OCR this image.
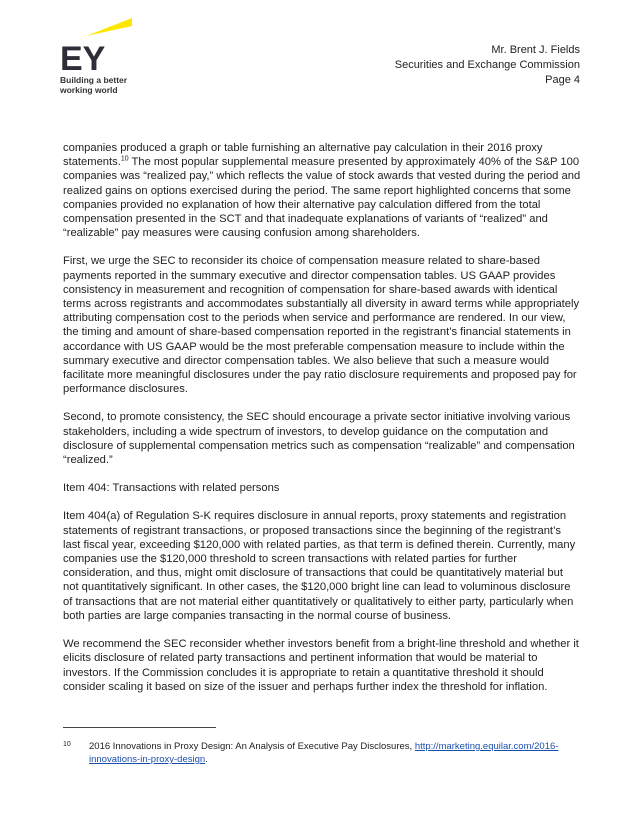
EY
Building a better
working world
Mr. Brent J. Fields
Securities and Exchange Commission
Page 4

companies produced a graph or table furnishing an alternative pay calculation in their 2016 proxy statements.$^{10}$ The most popular supplemental measure presented by approximately 40% of the S&P 100 companies was “realized pay,” which reflects the value of stock awards that vested during the period and realized gains on options exercised during the period. The same report highlighted concerns that some companies provided no explanation of how their alternative pay calculation differed from the total compensation presented in the SCT and that inadequate explanations of variants of “realized” and “realizable” pay measures were causing confusion among shareholders.

First, we urge the SEC to reconsider its choice of compensation measure related to share-based payments reported in the summary executive and director compensation tables. US GAAP provides consistency in measurement and recognition of compensation for share-based awards with identical terms across registrants and accommodates substantially all diversity in award terms while appropriately attributing compensation cost to the periods when service and performance are rendered. In our view, the timing and amount of share-based compensation reported in the registrant’s financial statements in accordance with US GAAP would be the most preferable compensation measure to include within the summary executive and director compensation tables. We also believe that such a measure would facilitate more meaningful disclosures under the pay ratio disclosure requirements and proposed pay for performance disclosures.

Second, to promote consistency, the SEC should encourage a private sector initiative involving various stakeholders, including a wide spectrum of investors, to develop guidance on the computation and disclosure of supplemental compensation metrics such as compensation “realizable” and compensation “realized.”

Item 404: Transactions with related persons

Item 404(a) of Regulation S-K requires disclosure in annual reports, proxy statements and registration statements of registrant transactions, or proposed transactions since the beginning of the registrant’s last fiscal year, exceeding $120,000 with related parties, as that term is defined therein. Currently, many companies use the $120,000 threshold to screen transactions with related parties for further consideration, and thus, might omit disclosure of transactions that could be quantitatively material but not quantitatively significant. In other cases, the $120,000 bright line can lead to voluminous disclosure of transactions that are not material either quantitatively or qualitatively to either party, particularly when both parties are large companies transacting in the normal course of business.

We recommend the SEC reconsider whether investors benefit from a bright-line threshold and whether it elicits disclosure of related party transactions and pertinent information that would be material to investors. If the Commission concludes it is appropriate to retain a quantitative threshold it should consider scaling it based on size of the issuer and perhaps further index the threshold for inflation.

10 2016 Innovations in Proxy Design: An Analysis of Executive Pay Disclosures, http://marketing.equilar.com/2016-innovations-in-proxy-design.
